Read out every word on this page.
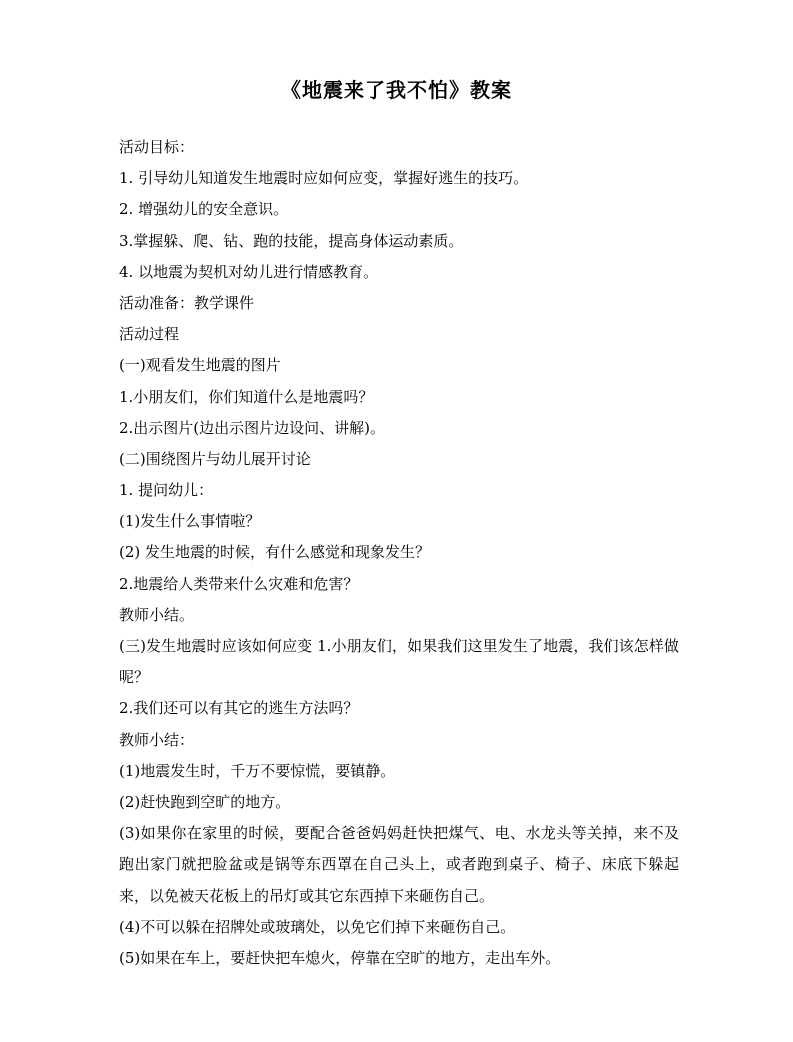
《地震来了我不怕》教案
活动目标：
1. 引导幼儿知道发生地震时应如何应变，掌握好逃生的技巧。
2. 增强幼儿的安全意识。
3.掌握躲、爬、钻、跑的技能，提高身体运动素质。
4. 以地震为契机对幼儿进行情感教育。
活动准备：教学课件
活动过程
(一)观看发生地震的图片
1.小朋友们，你们知道什么是地震吗？
2.出示图片(边出示图片边设问、讲解)。
(二)围绕图片与幼儿展开讨论
1. 提问幼儿：
(1)发生什么事情啦？
(2) 发生地震的时候，有什么感觉和现象发生？
2.地震给人类带来什么灾难和危害？
教师小结。
(三)发生地震时应该如何应变 1.小朋友们，如果我们这里发生了地震，我们该怎样做呢？
2.我们还可以有其它的逃生方法吗？
教师小结：
(1)地震发生时，千万不要惊慌，要镇静。
(2)赶快跑到空旷的地方。
(3)如果你在家里的时候，要配合爸爸妈妈赶快把煤气、电、水龙头等关掉，来不及跑出家门就把脸盆或是锅等东西罩在自己头上，或者跑到桌子、椅子、床底下躲起来，以免被天花板上的吊灯或其它东西掉下来砸伤自己。
(4)不可以躲在招牌处或玻璃处，以免它们掉下来砸伤自己。
(5)如果在车上，要赶快把车熄火，停靠在空旷的地方，走出车外。
